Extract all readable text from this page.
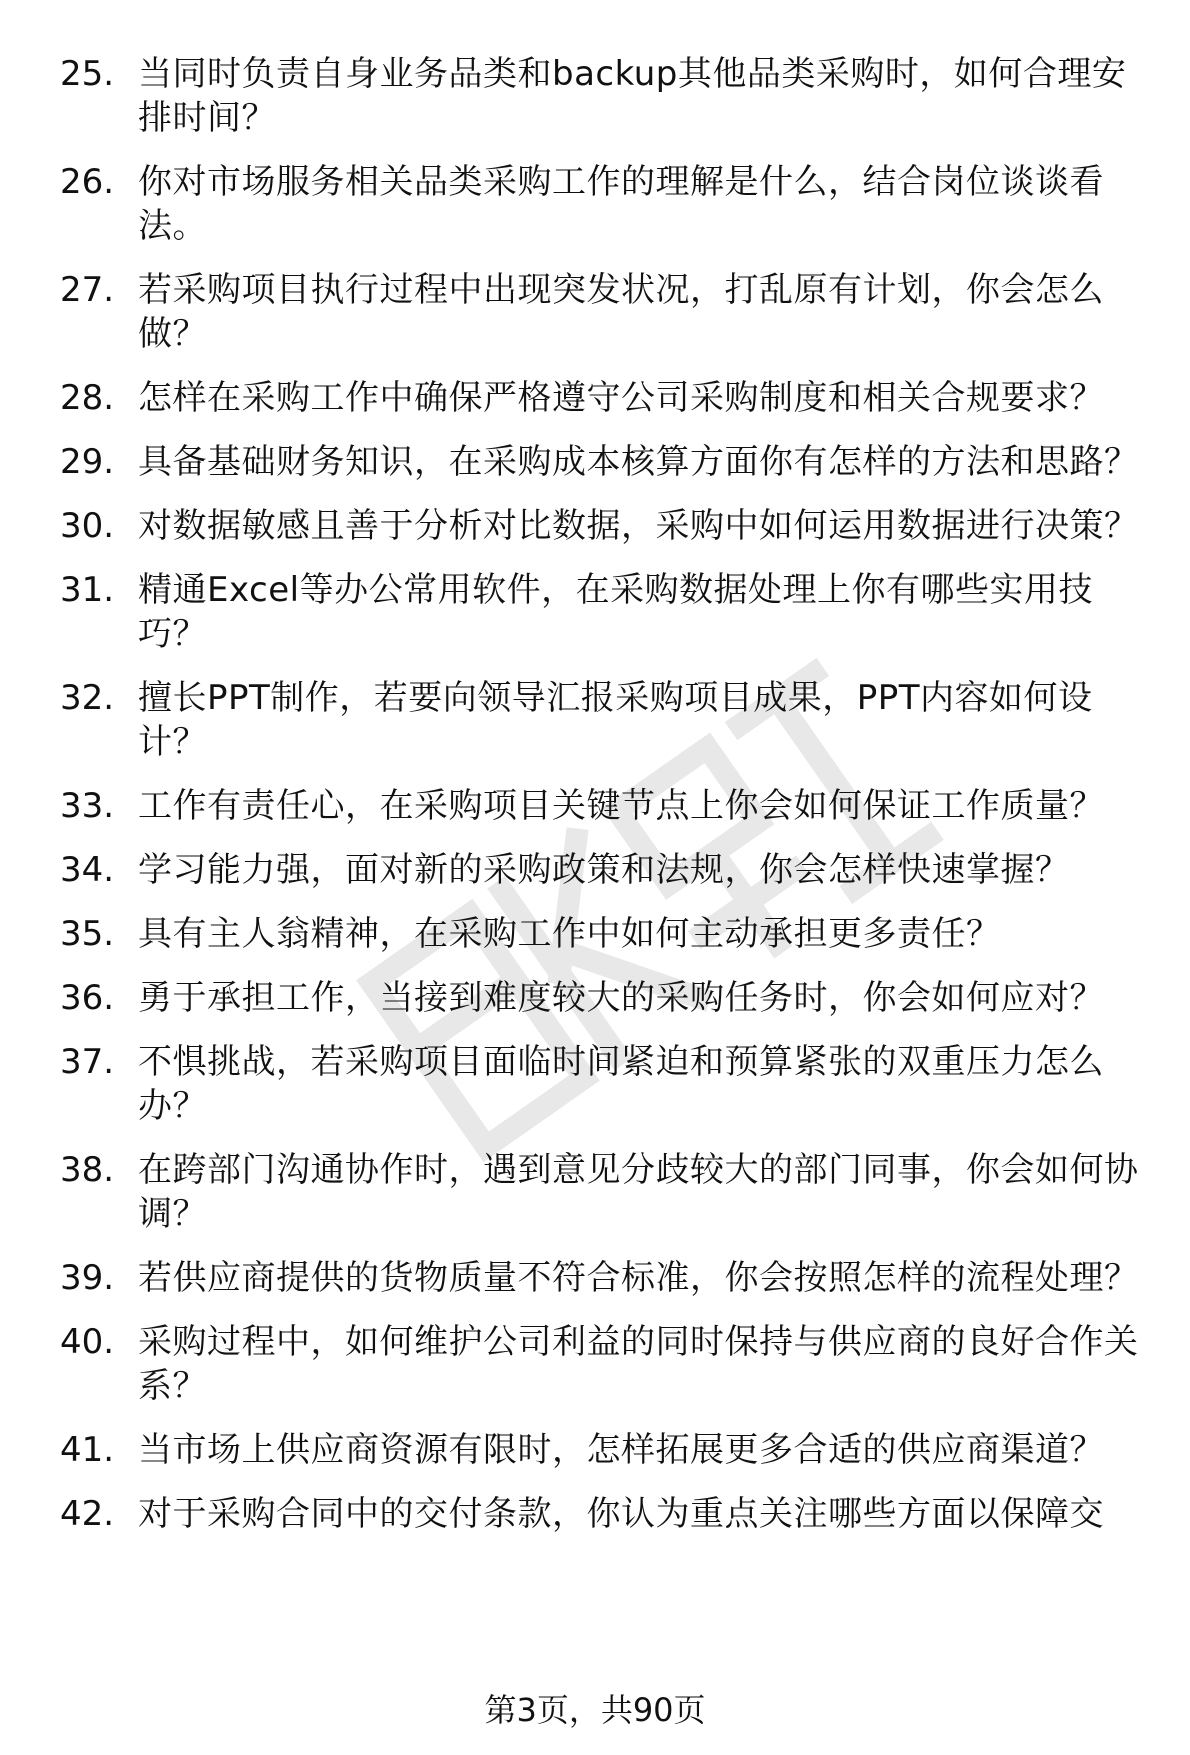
25. 当同时负责自身业务品类和backup其他品类采购时，如何合理安排时间？
26. 你对市场服务相关品类采购工作的理解是什么，结合岗位谈谈看法。
27. 若采购项目执行过程中出现突发状况，打乱原有计划，你会怎么做？
28. 怎样在采购工作中确保严格遵守公司采购制度和相关合规要求？
29. 具备基础财务知识，在采购成本核算方面你有怎样的方法和思路？
30. 对数据敏感且善于分析对比数据，采购中如何运用数据进行决策？
31. 精通Excel等办公常用软件，在采购数据处理上你有哪些实用技巧？
32. 擅长PPT制作，若要向领导汇报采购项目成果，PPT内容如何设计？
33. 工作有责任心，在采购项目关键节点上你会如何保证工作质量？
34. 学习能力强，面对新的采购政策和法规，你会怎样快速掌握？
35. 具有主人翁精神，在采购工作中如何主动承担更多责任？
36. 勇于承担工作，当接到难度较大的采购任务时，你会如何应对？
37. 不惧挑战，若采购项目面临时间紧迫和预算紧张的双重压力怎么办？
38. 在跨部门沟通协作时，遇到意见分歧较大的部门同事，你会如何协调？
39. 若供应商提供的货物质量不符合标准，你会按照怎样的流程处理？
40. 采购过程中，如何维护公司利益的同时保持与供应商的良好合作关系？
41. 当市场上供应商资源有限时，怎样拓展更多合适的供应商渠道？
42. 对于采购合同中的交付条款，你认为重点关注哪些方面以保障交
第3页，共90页
